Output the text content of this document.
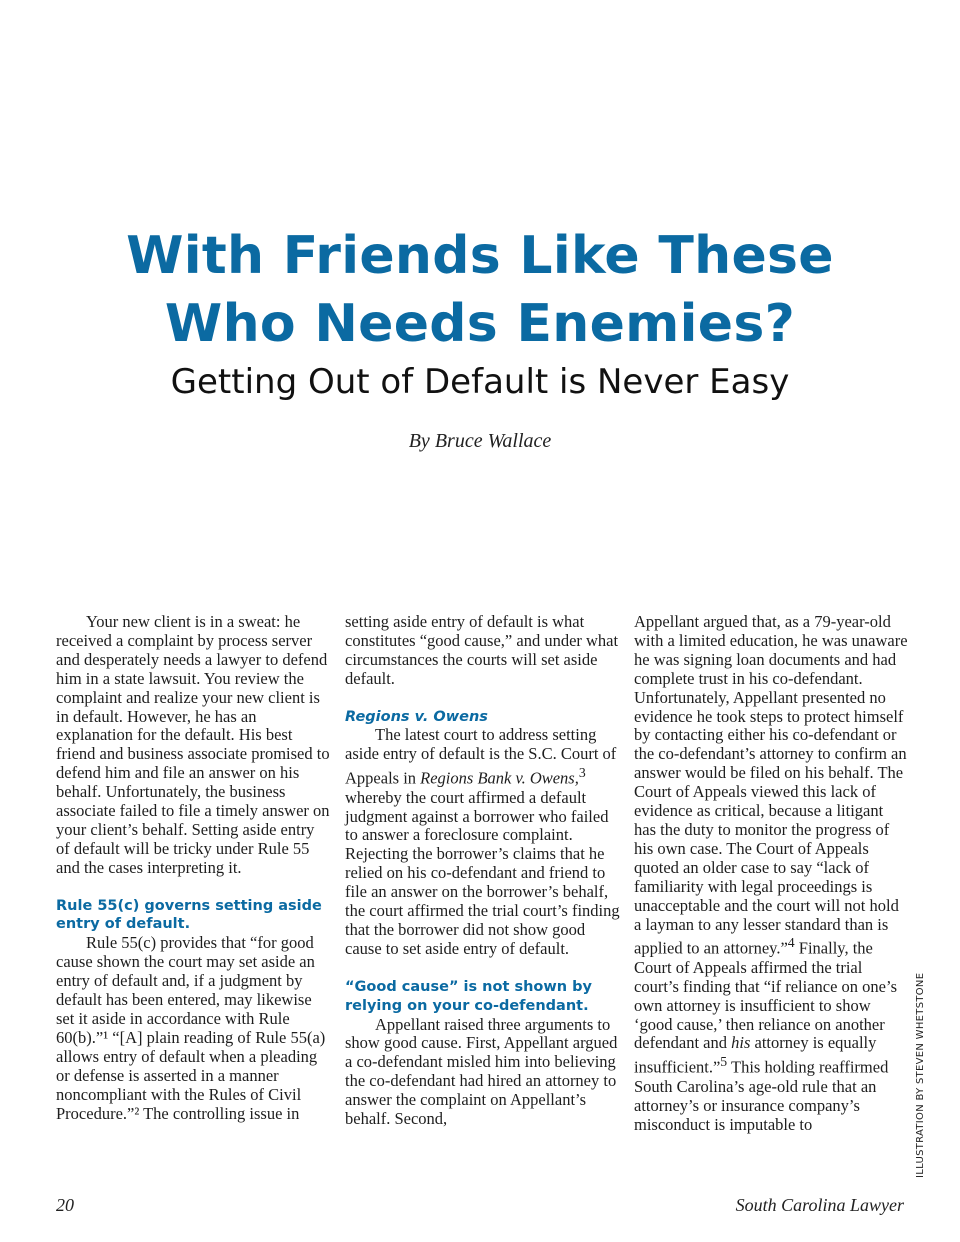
With Friends Like These
Who Needs Enemies?
Getting Out of Default is Never Easy
By Bruce Wallace

Your new client is in a sweat: he received a complaint by process server and desperately needs a lawyer to defend him in a state lawsuit. You review the complaint and realize your new client is in default. However, he has an explanation for the default. His best friend and business associate promised to defend him and file an answer on his behalf. Unfortunately, the business associate failed to file a timely answer on your client’s behalf. Setting aside entry of default will be tricky under Rule 55 and the cases interpreting it.

Rule 55(c) governs setting aside entry of default.

Rule 55(c) provides that “for good cause shown the court may set aside an entry of default and, if a judgment by default has been entered, may likewise set it aside in accordance with Rule 60(b).”¹ “[A] plain reading of Rule 55(a) allows entry of default when a pleading or defense is asserted in a manner noncompliant with the Rules of Civil Procedure.”² The controlling issue in

setting aside entry of default is what constitutes “good cause,” and under what circumstances the courts will set aside default.

Regions v. Owens

The latest court to address setting aside entry of default is the S.C. Court of Appeals in Regions Bank v. Owens,$^3$ whereby the court affirmed a default judgment against a borrower who failed to answer a foreclosure complaint. Rejecting the borrower’s claims that he relied on his co-defendant and friend to file an answer on the borrower’s behalf, the court affirmed the trial court’s finding that the borrower did not show good cause to set aside entry of default.

“Good cause” is not shown by relying on your co-defendant.

Appellant raised three arguments to show good cause. First, Appellant argued a co-defendant misled him into believing the co-defendant had hired an attorney to answer the complaint on Appellant’s behalf. Second,

Appellant argued that, as a 79-year-old with a limited education, he was unaware he was signing loan documents and had complete trust in his co-defendant. Unfortunately, Appellant presented no evidence he took steps to protect himself by contacting either his co-defendant or the co-defendant’s attorney to confirm an answer would be filed on his behalf. The Court of Appeals viewed this lack of evidence as critical, because a litigant has the duty to monitor the progress of his own case. The Court of Appeals quoted an older case to say “lack of familiarity with legal proceedings is unacceptable and the court will not hold a layman to any lesser standard than is applied to an attorney.”$^4$ Finally, the Court of Appeals affirmed the trial court’s finding that “if reliance on one’s own attorney is insufficient to show ‘good cause,’ then reliance on another defendant and his attorney is equally insufficient.”$^5$ This holding reaffirmed South Carolina’s age-old rule that an attorney’s or insurance company’s misconduct is imputable to	ILLUSTRATION BY STEVEN WHETSTONE
20	South Carolina Lawyer
